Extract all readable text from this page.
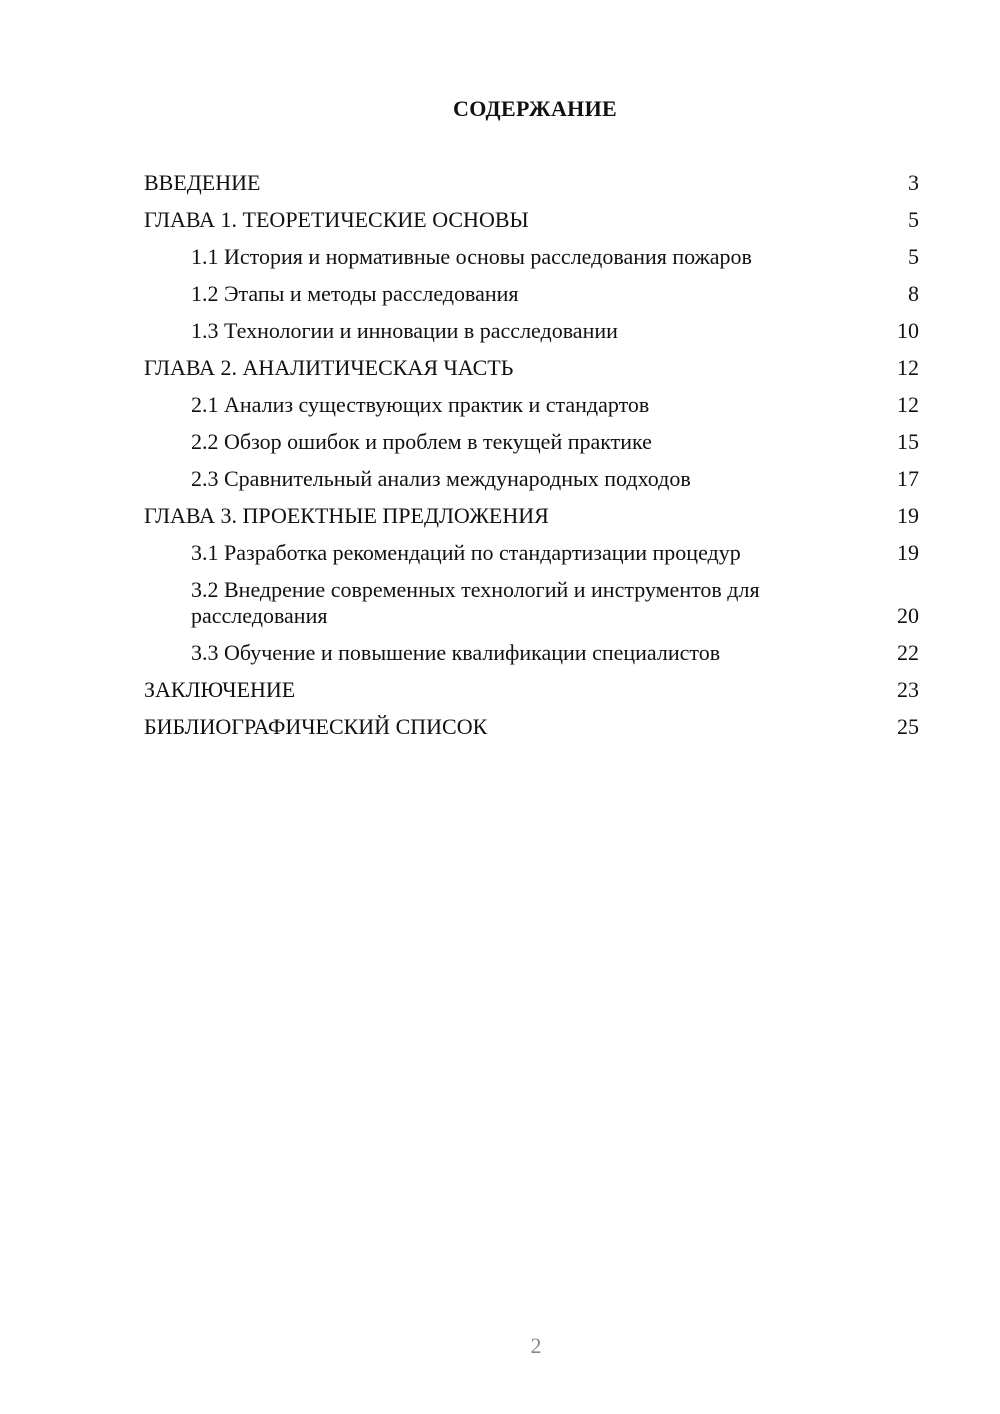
СОДЕРЖАНИЕ
ВВЕДЕНИЕ	3
ГЛАВА 1. ТЕОРЕТИЧЕСКИЕ ОСНОВЫ	5
1.1 История и нормативные основы расследования пожаров	5
1.2 Этапы и методы расследования	8
1.3 Технологии и инновации в расследовании	10
ГЛАВА 2. АНАЛИТИЧЕСКАЯ ЧАСТЬ	12
2.1 Анализ существующих практик и стандартов	12
2.2 Обзор ошибок и проблем в текущей практике	15
2.3 Сравнительный анализ международных подходов	17
ГЛАВА 3. ПРОЕКТНЫЕ ПРЕДЛОЖЕНИЯ	19
3.1 Разработка рекомендаций по стандартизации процедур	19
3.2 Внедрение современных технологий и инструментов для расследования	20
3.3 Обучение и повышение квалификации специалистов	22
ЗАКЛЮЧЕНИЕ	23
БИБЛИОГРАФИЧЕСКИЙ СПИСОК	25
2
